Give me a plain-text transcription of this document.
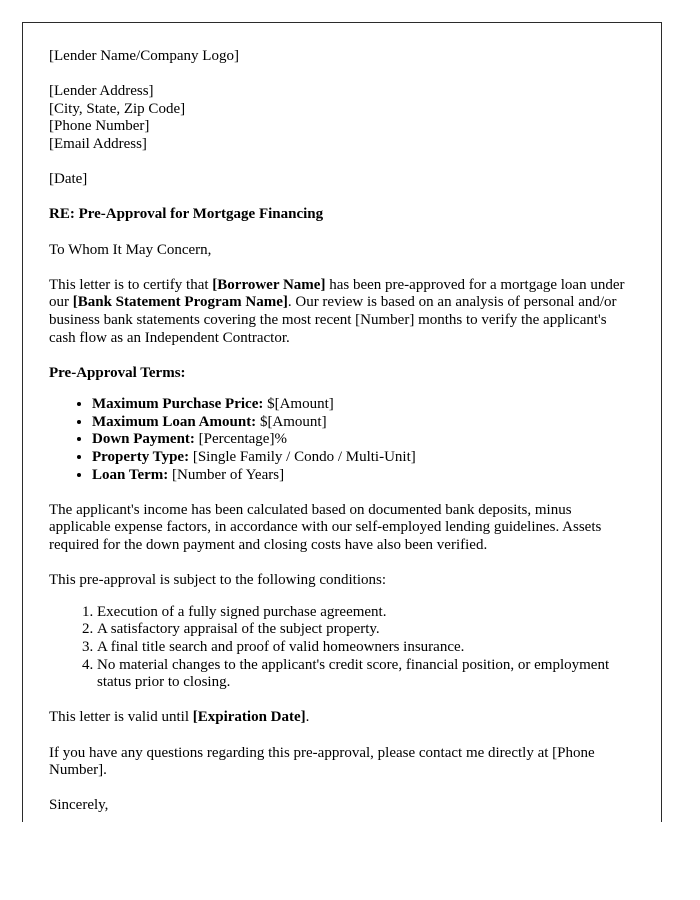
[Lender Name/Company Logo]
[Lender Address]
[City, State, Zip Code]
[Phone Number]
[Email Address]
[Date]
RE: Pre-Approval for Mortgage Financing
To Whom It May Concern,

This letter is to certify that [Borrower Name] has been pre-approved for a mortgage loan under our [Bank Statement Program Name]. Our review is based on an analysis of personal and/or business bank statements covering the most recent [Number] months to verify the applicant's cash flow as an Independent Contractor.

Pre-Approval Terms:
• Maximum Purchase Price: $[Amount]
• Maximum Loan Amount: $[Amount]
• Down Payment: [Percentage]%
• Property Type: [Single Family / Condo / Multi-Unit]
• Loan Term: [Number of Years]

The applicant's income has been calculated based on documented bank deposits, minus applicable expense factors, in accordance with our self-employed lending guidelines. Assets required for the down payment and closing costs have also been verified.

This pre-approval is subject to the following conditions:
1. Execution of a fully signed purchase agreement.
2. A satisfactory appraisal of the subject property.
3. A final title search and proof of valid homeowners insurance.
4. No material changes to the applicant's credit score, financial position, or employment status prior to closing.

This letter is valid until [Expiration Date].

If you have any questions regarding this pre-approval, please contact me directly at [Phone Number].

Sincerely,
